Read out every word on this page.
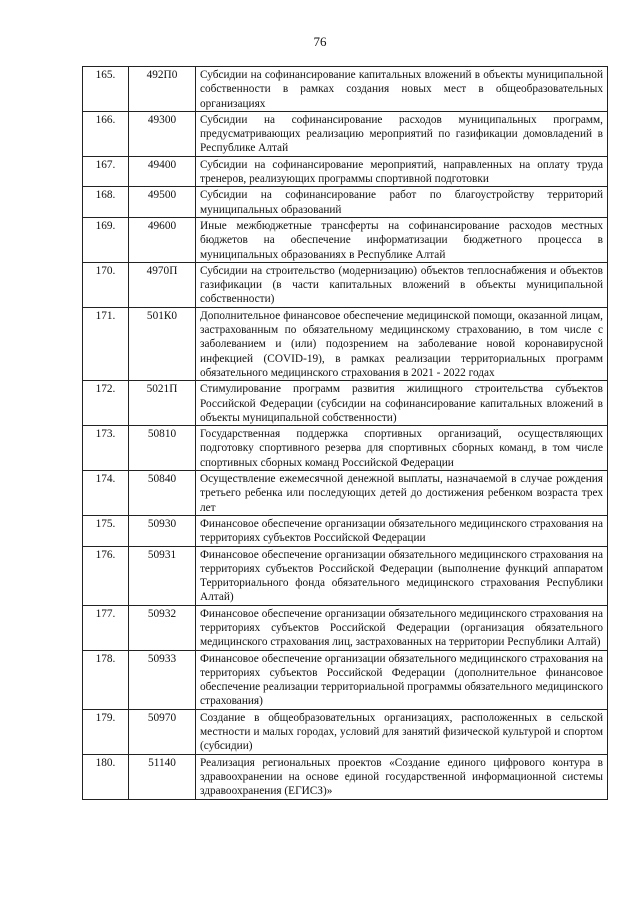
76
165.	492П0	Субсидии на софинансирование капитальных вложений в объекты муниципальной собственности в рамках создания новых мест в общеобразовательных организациях
166.	49300	Субсидии на софинансирование расходов муниципальных программ, предусматривающих реализацию мероприятий по газификации домовладений в Республике Алтай
167.	49400	Субсидии на софинансирование мероприятий, направленных на оплату труда тренеров, реализующих программы спортивной подготовки
168.	49500	Субсидии на софинансирование работ по благоустройству территорий муниципальных образований
169.	49600	Иные межбюджетные трансферты на софинансирование расходов местных бюджетов на обеспечение информатизации бюджетного процесса в муниципальных образованиях в Республике Алтай
170.	4970П	Субсидии на строительство (модернизацию) объектов теплоснабжения и объектов газификации (в части капитальных вложений в объекты муниципальной собственности)
171.	501К0	Дополнительное финансовое обеспечение медицинской помощи, оказанной лицам, застрахованным по обязательному медицинскому страхованию, в том числе с заболеванием и (или) подозрением на заболевание новой коронавирусной инфекцией (COVID-19), в рамках реализации территориальных программ обязательного медицинского страхования в 2021 - 2022 годах
172.	5021П	Стимулирование программ развития жилищного строительства субъектов Российской Федерации (субсидии на софинансирование капитальных вложений в объекты муниципальной собственности)
173.	50810	Государственная поддержка спортивных организаций, осуществляющих подготовку спортивного резерва для спортивных сборных команд, в том числе спортивных сборных команд Российской Федерации
174.	50840	Осуществление ежемесячной денежной выплаты, назначаемой в случае рождения третьего ребенка или последующих детей до достижения ребенком возраста трех лет
175.	50930	Финансовое обеспечение организации обязательного медицинского страхования на территориях субъектов Российской Федерации
176.	50931	Финансовое обеспечение организации обязательного медицинского страхования на территориях субъектов Российской Федерации (выполнение функций аппаратом Территориального фонда обязательного медицинского страхования Республики Алтай)
177.	50932	Финансовое обеспечение организации обязательного медицинского страхования на территориях субъектов Российской Федерации (организация обязательного медицинского страхования лиц, застрахованных на территории Республики Алтай)
178.	50933	Финансовое обеспечение организации обязательного медицинского страхования на территориях субъектов Российской Федерации (дополнительное финансовое обеспечение реализации территориальной программы обязательного медицинского страхования)
179.	50970	Создание в общеобразовательных организациях, расположенных в сельской местности и малых городах, условий для занятий физической культурой и спортом (субсидии)
180.	51140	Реализация региональных проектов «Создание единого цифрового контура в здравоохранении на основе единой государственной информационной системы здравоохранения (ЕГИСЗ)»
